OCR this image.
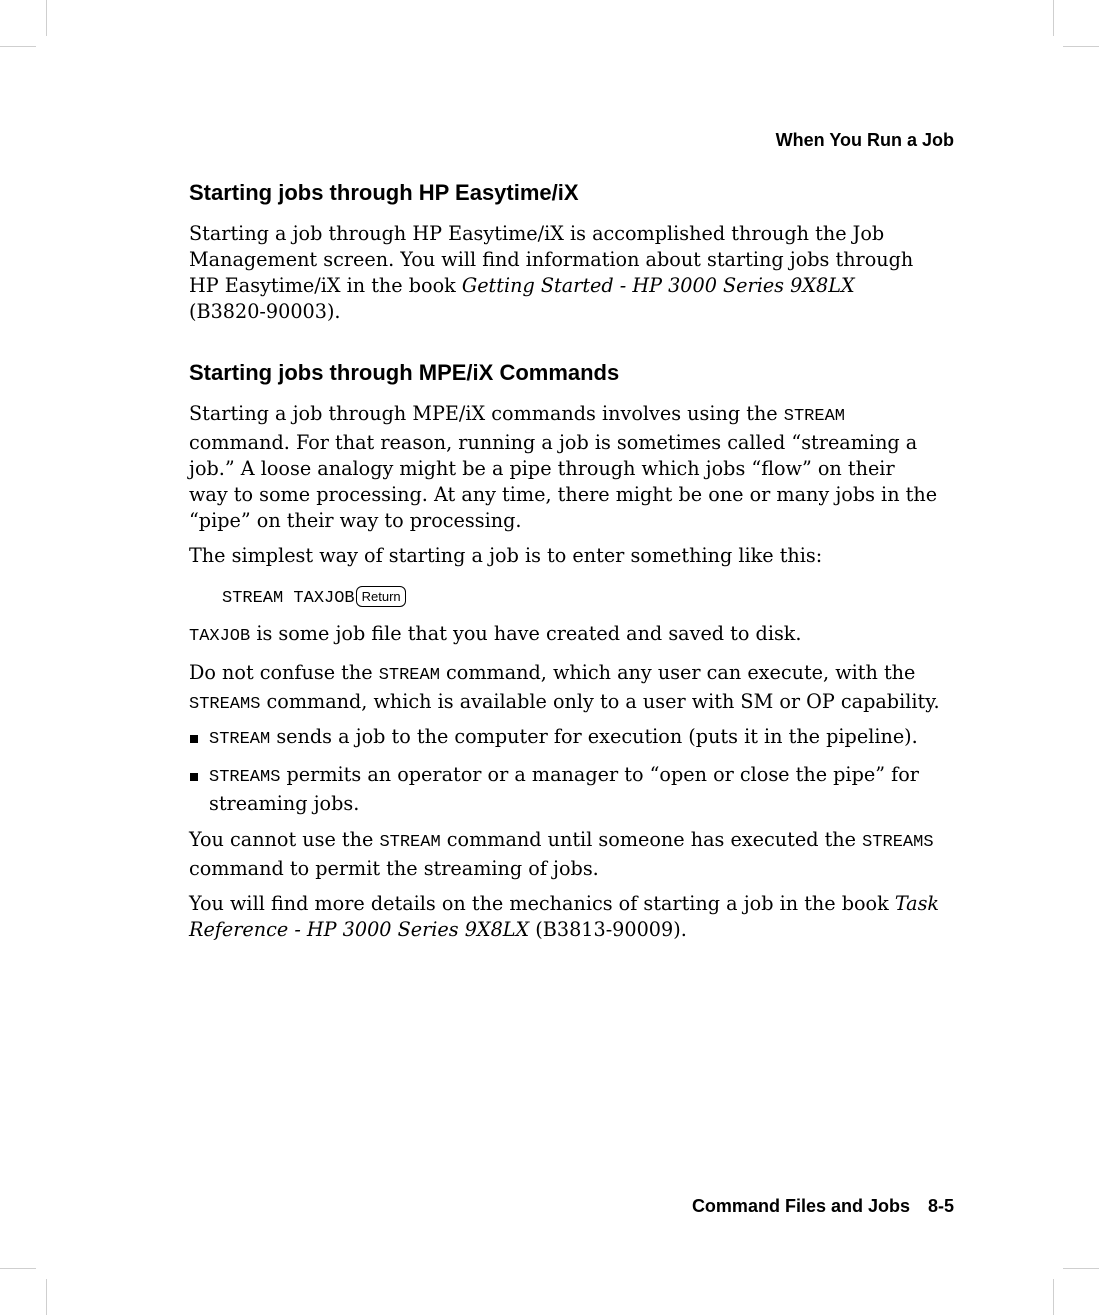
When You Run a Job
Starting jobs through HP Easytime/iX
Starting a job through HP Easytime/iX is accomplished through the Job
Management screen. You will find information about starting jobs through
HP Easytime/iX in the book Getting Started - HP 3000 Series 9X8LX
(B3820-90003).
Starting jobs through MPE/iX Commands
Starting a job through MPE/iX commands involves using the STREAM
command. For that reason, running a job is sometimes called “streaming a
job.” A loose analogy might be a pipe through which jobs “flow” on their
way to some processing. At any time, there might be one or many jobs in the
“pipe” on their way to processing.
The simplest way of starting a job is to enter something like this:
STREAM TAXJOB Return
TAXJOB is some job file that you have created and saved to disk.
Do not confuse the STREAM command, which any user can execute, with the
STREAMS command, which is available only to a user with SM or OP capability.
STREAM sends a job to the computer for execution (puts it in the pipeline).
STREAMS permits an operator or a manager to “open or close the pipe” for
streaming jobs.
You cannot use the STREAM command until someone has executed the STREAMS
command to permit the streaming of jobs.
You will find more details on the mechanics of starting a job in the book Task
Reference - HP 3000 Series 9X8LX (B3813-90009).
Command Files and Jobs 8-5
